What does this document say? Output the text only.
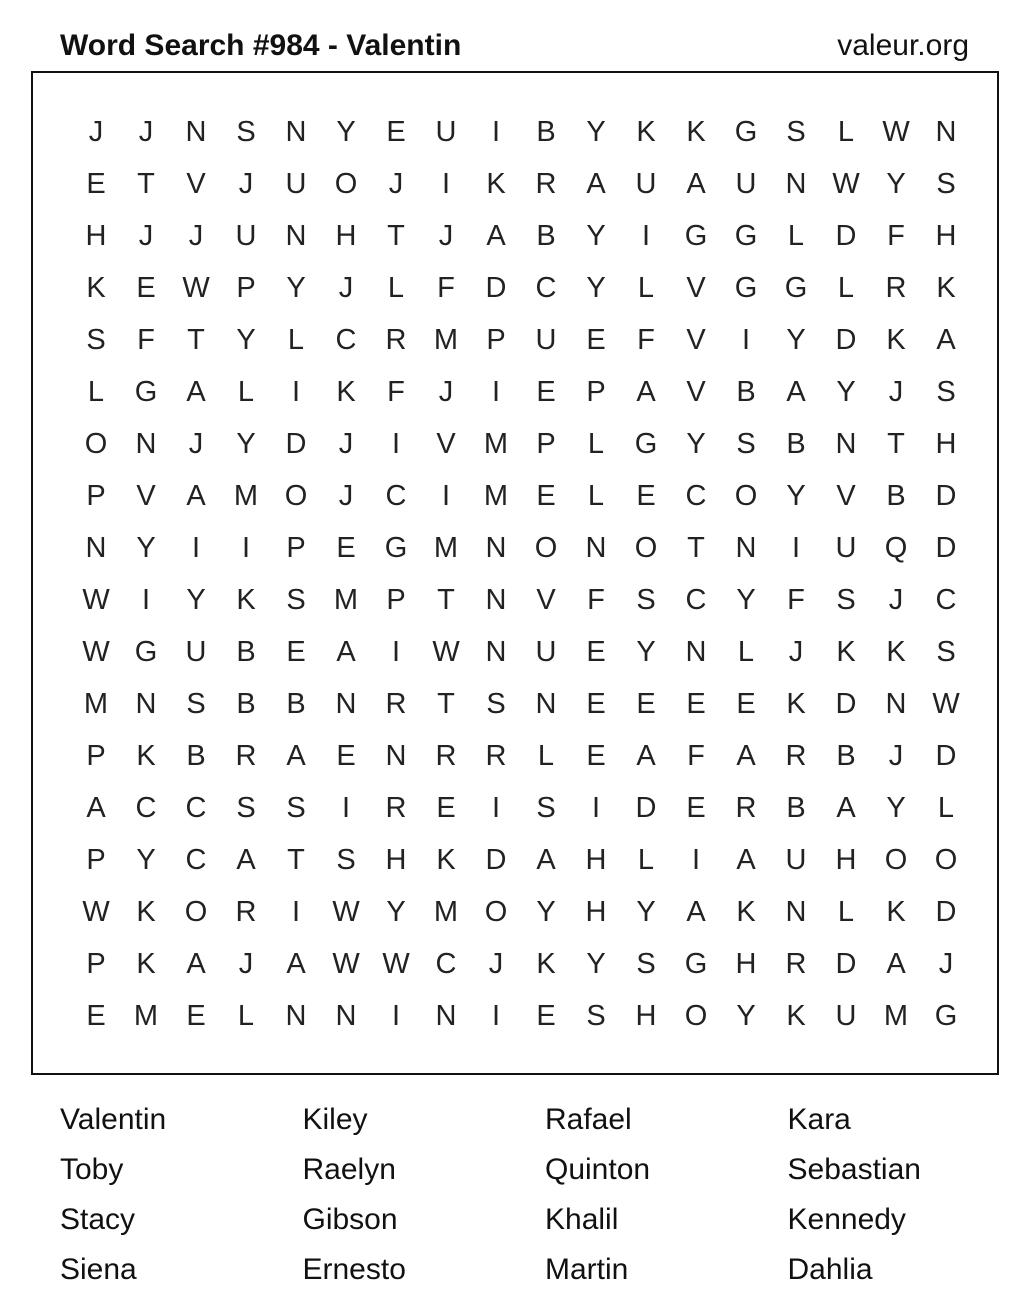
Word Search #984 - Valentin	valeur.org
J	J	N	S	N	Y	E	U	I	B	Y	K	K	G	S	L W N
E	T	V	J	U O	J	I	K	R	A	U	A	U	N W Y	S
H	J	J	U	N	H	T	J	A	B	Y	I	G G	L	D	F	H
K	E W P	Y	J	L	F	D	C	Y	L	V	G G	L	R	K
S	F	T	Y	L	C	R M P	U	E	F	V	I	Y	D	K	A
L	G	A	L	I	K	F	J	I	E	P	A	V	B	A	Y	J	S
O N	J	Y	D	J	I	V M P	L	G	Y	S	B	N	T	H
P	V	A M O	J	C	I	M E	L	E	C O	Y	V	B	D
N	Y	I	I	P	E	G M N O N O	T	N	I	U Q D
W	I	Y	K	S M P	T	N	V	F	S	C	Y	F	S	J	C
W G U	B	E	A	I	W N	U	E	Y	N	L	J	K	K	S
M N	S	B	B	N	R	T	S	N	E	E	E	E	K	D	N W
P	K	B	R	A	E	N	R	R	L	E	A	F	A	R	B	J	D
A	C	C	S	S	I	R	E	I	S	I	D	E	R	B	A	Y	L
P	Y	C	A	T	S	H	K	D	A	H	L	I	A	U	H O O
W K	O R	I	W Y M O	Y	H	Y	A	K	N	L	K	D
P	K	A	J	A W W C	J	K	Y	S	G H	R	D	A	J
E M E	L	N	N	I	N	I	E	S	H O	Y	K	U M G
Valentin	Kiley	Rafael	Kara
Toby	Raelyn	Quinton	Sebastian
Stacy	Gibson	Khalil	Kennedy
Siena	Ernesto	Martin	Dahlia
